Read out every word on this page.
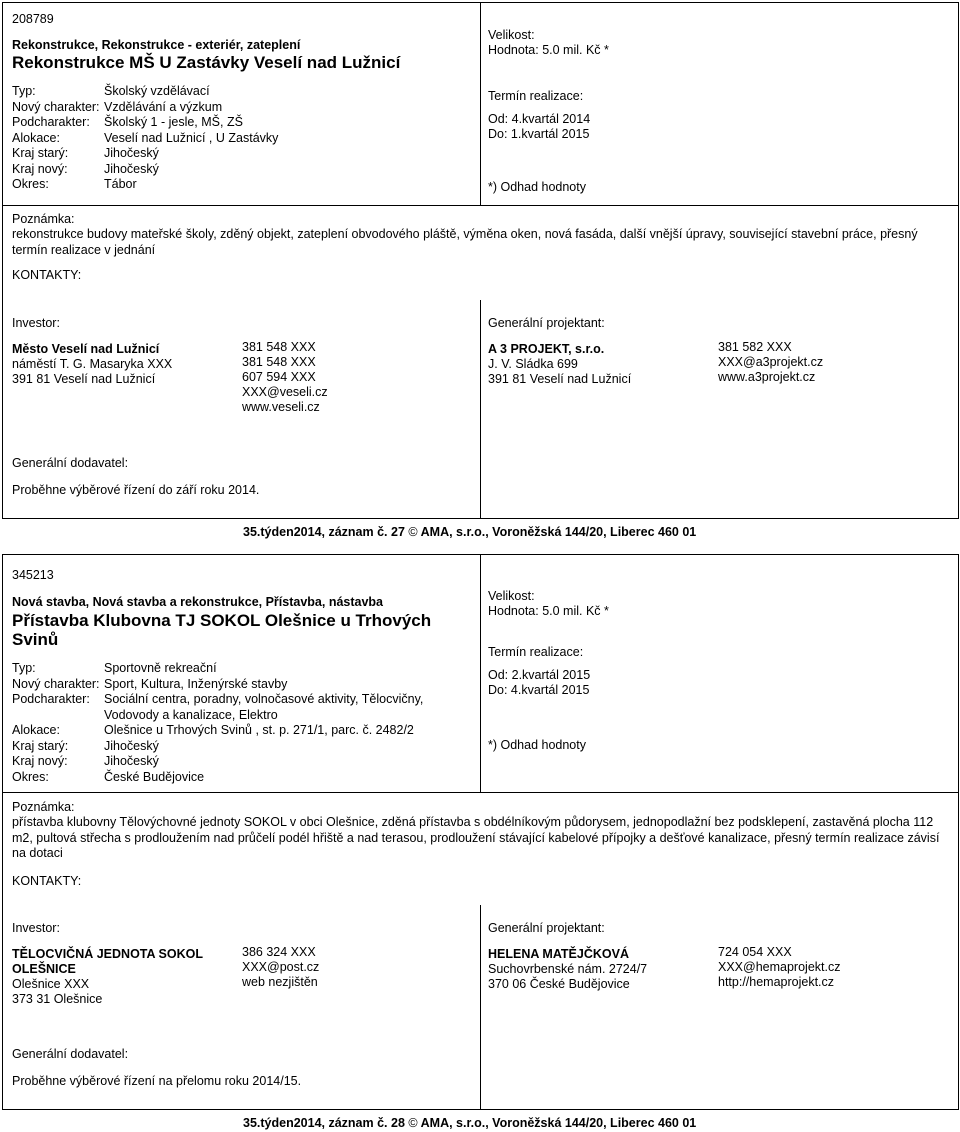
208789
Rekonstrukce, Rekonstrukce - exteriér, zateplení
Rekonstrukce MŠ U Zastávky Veselí nad Lužnicí
Typ:	Školský vzdělávací
Nový charakter: Vzdělávání a výzkum
Podcharakter: Školský 1 - jesle, MŠ, ZŠ
Alokace:	Veselí nad Lužnicí , U Zastávky
Kraj starý:	Jihočeský
Kraj nový:	Jihočeský
Okres:	Tábor
Velikost:
Hodnota: 5.0 mil. Kč *
Termín realizace:
Od: 4.kvartál 2014
Do: 1.kvartál 2015
*) Odhad hodnoty
Poznámka:
rekonstrukce budovy mateřské školy, zděný objekt, zateplení obvodového pláště, výměna oken, nová fasáda, další vnější úpravy, související stavební práce, přesný termín realizace v jednání
KONTAKTY:
Investor:
Město Veselí nad Lužnicí
náměstí T. G. Masaryka XXX
391 81 Veselí nad Lužnicí
381 548 XXX
381 548 XXX
607 594 XXX
XXX@veseli.cz
www.veseli.cz
Generální projektant:
A 3 PROJEKT, s.r.o.
J. V. Sládka 699
391 81 Veselí nad Lužnicí
381 582 XXX
XXX@a3projekt.cz
www.a3projekt.cz
Generální dodavatel:
Proběhne výběrové řízení do září roku 2014.
35.týden2014, záznam č. 27 © AMA, s.r.o., Voroněžská 144/20, Liberec 460 01
345213
Nová stavba, Nová stavba a rekonstrukce, Přístavba, nástavba
Přístavba Klubovna TJ SOKOL Olešnice u Trhových
Svinů
Typ:	Sportovně rekreační
Nový charakter: Sport, Kultura, Inženýrské stavby
Podcharakter: Sociální centra, poradny, volnočasové aktivity, Tělocvičny,
Vodovody a kanalizace, Elektro
Alokace:	Olešnice u Trhových Svinů , st. p. 271/1, parc. č. 2482/2
Kraj starý:	Jihočeský
Kraj nový:	Jihočeský
Okres:	České Budějovice
Velikost:
Hodnota: 5.0 mil. Kč *
Termín realizace:
Od: 2.kvartál 2015
Do: 4.kvartál 2015
*) Odhad hodnoty
Poznámka:
přístavba klubovny Tělovýchovné jednoty SOKOL v obci Olešnice, zděná přístavba s obdélníkovým půdorysem, jednopodlažní bez podsklepení, zastavěná plocha 112 m2, pultová střecha s prodloužením nad průčelí podél hřiště a nad terasou, prodloužení stávající kabelové přípojky a dešťové kanalizace, přesný termín realizace závisí na dotaci
KONTAKTY:
Investor:
TĚLOCVIČNÁ JEDNOTA SOKOL
OLEŠNICE
Olešnice XXX
373 31 Olešnice
386 324 XXX
XXX@post.cz
web nezjištěn
Generální projektant:
HELENA MATĚJČKOVÁ
Suchovrbenské nám. 2724/7
370 06 České Budějovice
724 054 XXX
XXX@hemaprojekt.cz
http://hemaprojekt.cz
Generální dodavatel:
Proběhne výběrové řízení na přelomu roku 2014/15.
35.týden2014, záznam č. 28 © AMA, s.r.o., Voroněžská 144/20, Liberec 460 01
